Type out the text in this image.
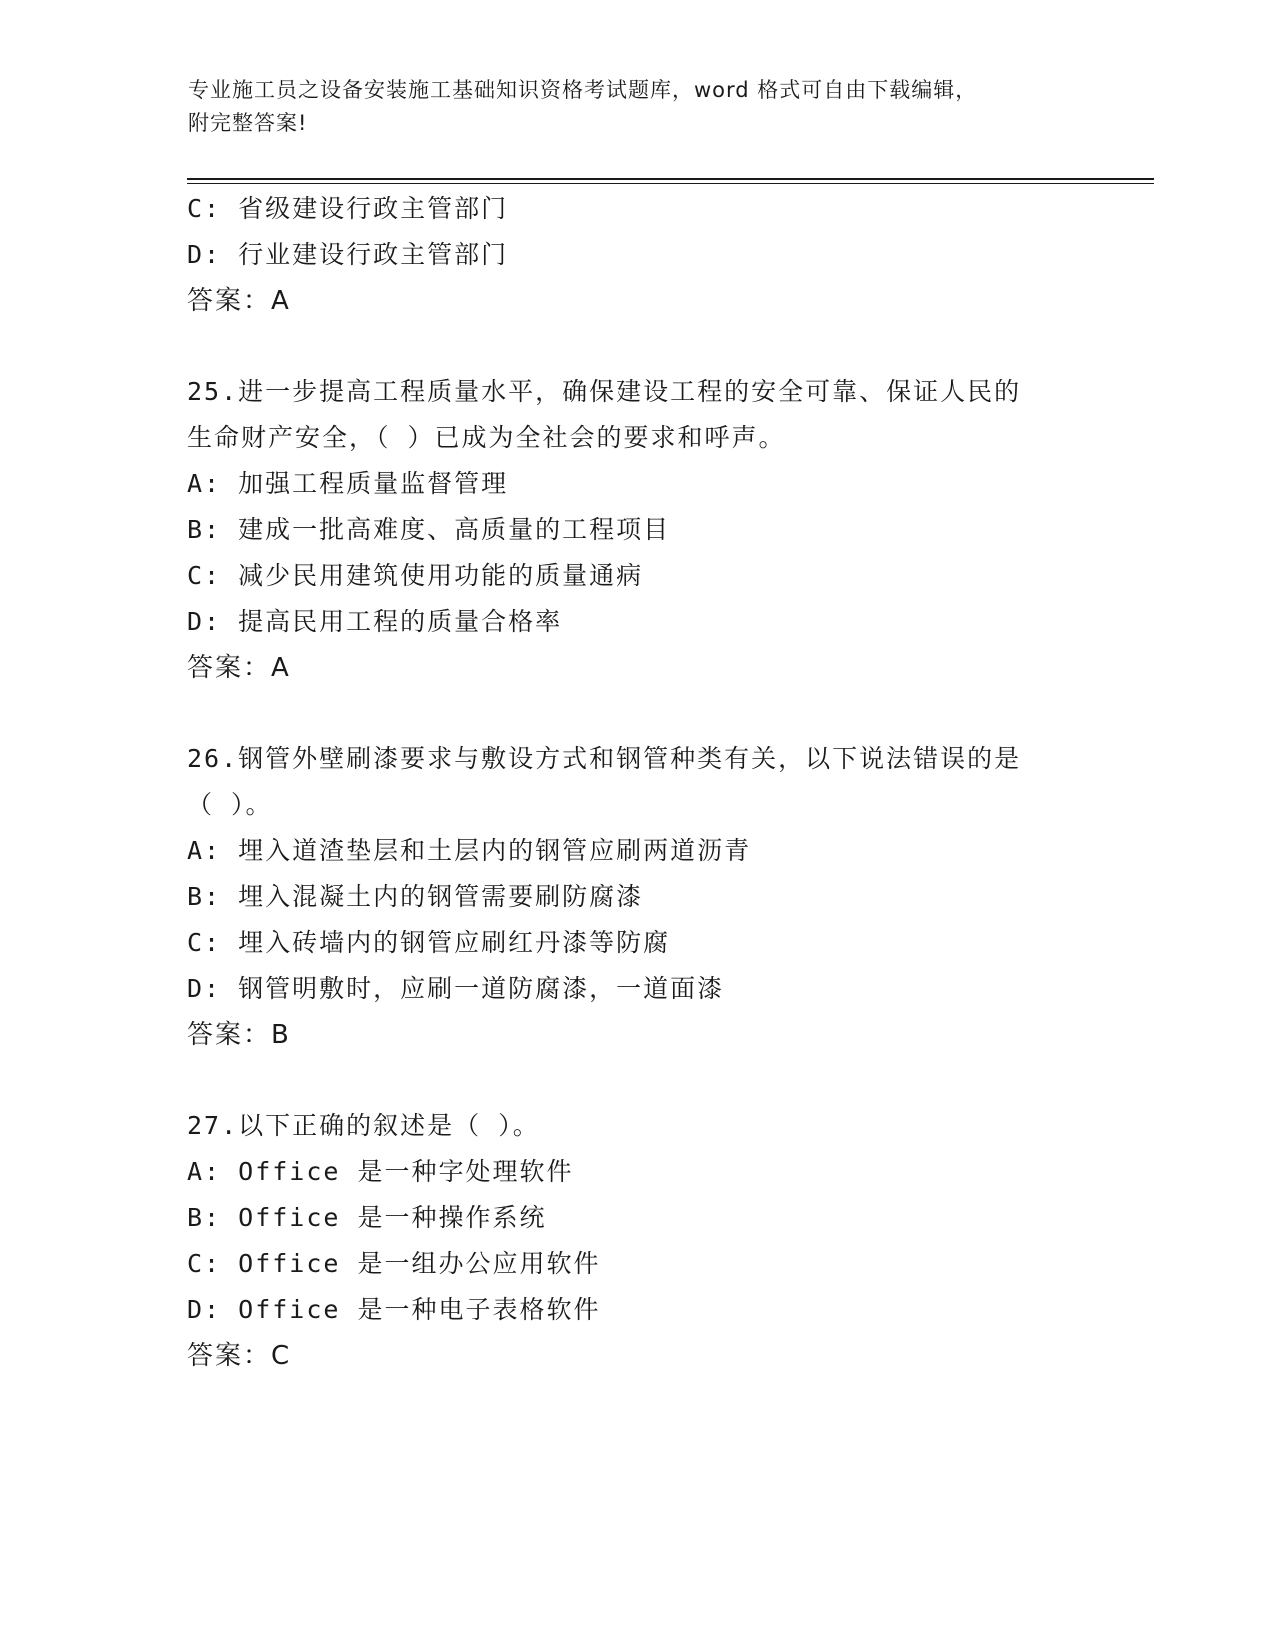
专业施工员之设备安装施工基础知识资格考试题库，word 格式可自由下载编辑，
附完整答案!
C: 省级建设行政主管部门
D: 行业建设行政主管部门
答案：A
25.进一步提高工程质量水平，确保建设工程的安全可靠、保证人民的
生命财产安全，（ ）已成为全社会的要求和呼声。
A: 加强工程质量监督管理
B: 建成一批高难度、高质量的工程项目
C: 减少民用建筑使用功能的质量通病
D: 提高民用工程的质量合格率
答案：A
26.钢管外壁刷漆要求与敷设方式和钢管种类有关，以下说法错误的是
（ ）。
A: 埋入道渣垫层和土层内的钢管应刷两道沥青
B: 埋入混凝土内的钢管需要刷防腐漆
C: 埋入砖墙内的钢管应刷红丹漆等防腐
D: 钢管明敷时，应刷一道防腐漆，一道面漆
答案：B
27.以下正确的叙述是（ ）。
A: Office 是一种字处理软件
B: Office 是一种操作系统
C: Office 是一组办公应用软件
D: Office 是一种电子表格软件
答案：C
